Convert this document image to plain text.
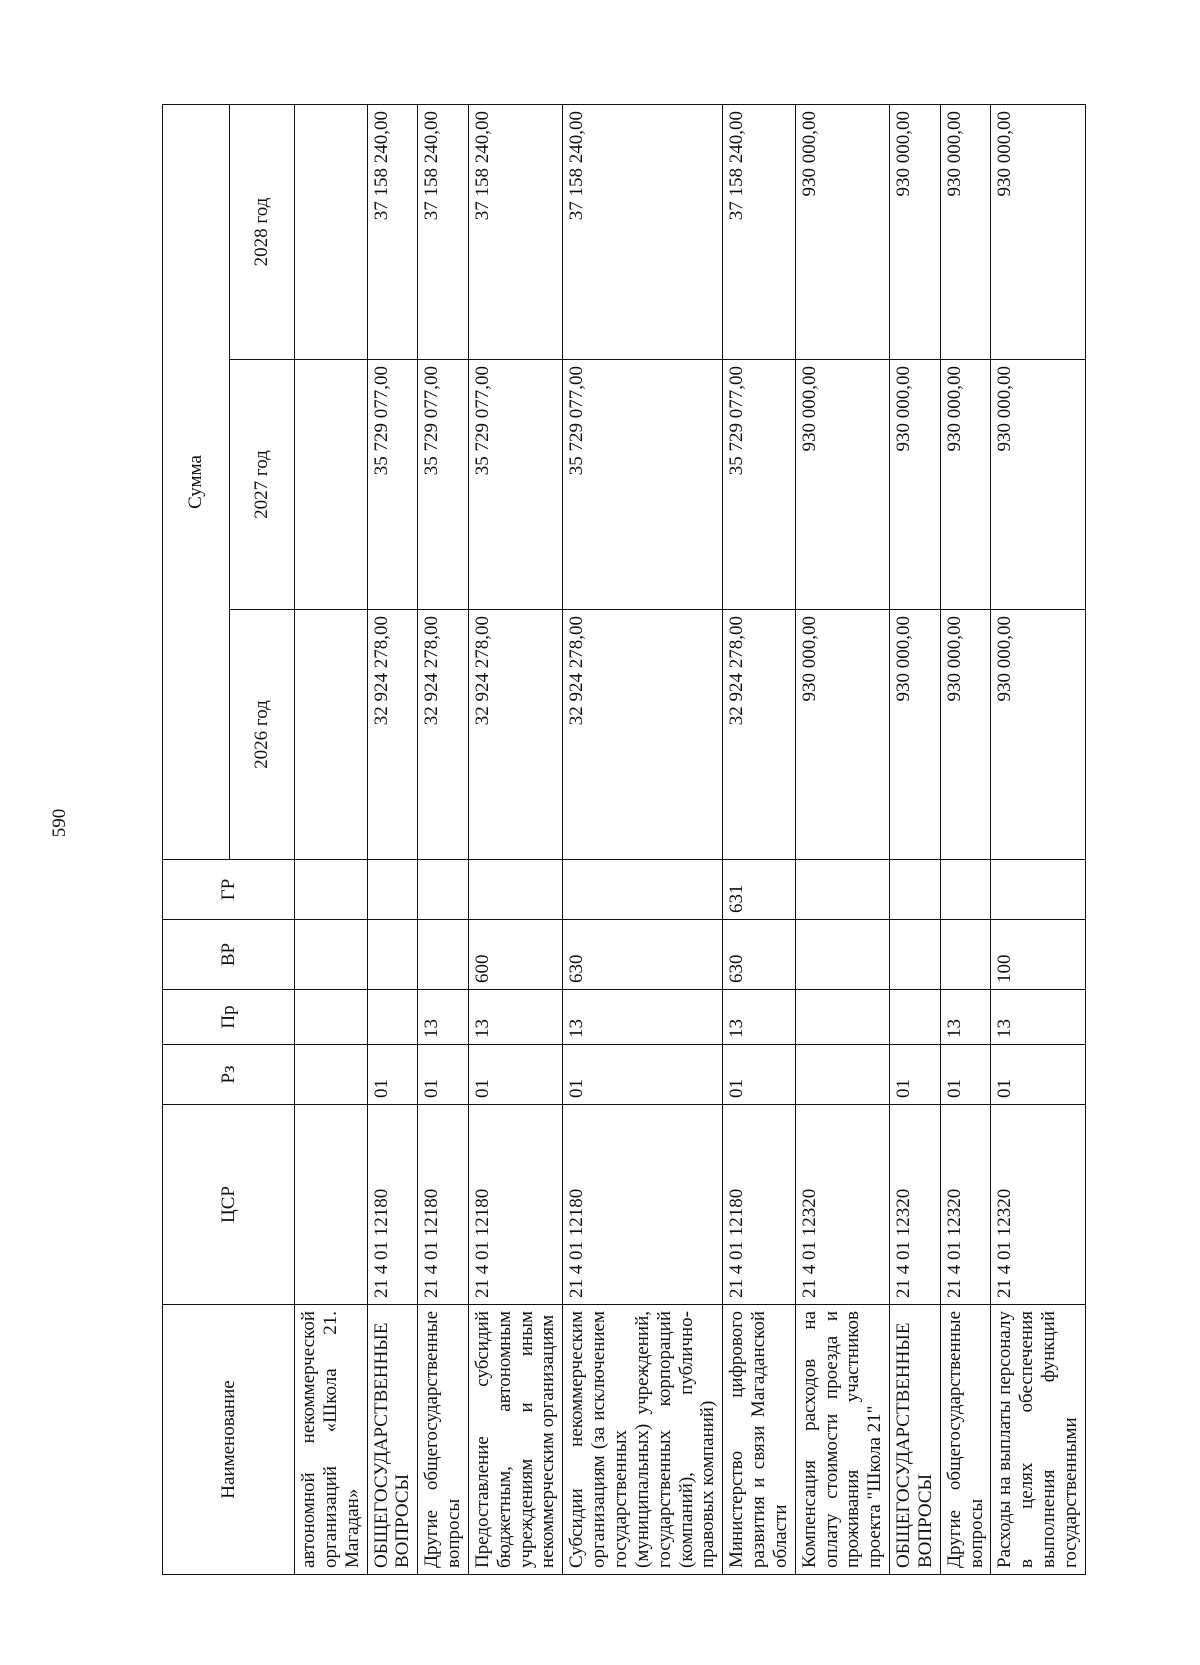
590
Наименование	ЦСР	Рз	Пр	ВР	ГР	Сумма		
						2026 год	2027 год	2028 год
автономной некоммерческой организаций «Школа 21. Магадан»								
ОБЩЕГОСУДАРСТВЕННЫЕ ВОПРОСЫ	21 4 01 12180	01				32 924 278,00	35 729 077,00	37 158 240,00
Другие общегосударственные вопросы	21 4 01 12180	01	13			32 924 278,00	35 729 077,00	37 158 240,00
Предоставление субсидий бюджетным, автономным учреждениям и иным некоммерческим организациям	21 4 01 12180	01	13	600		32 924 278,00	35 729 077,00	37 158 240,00
Субсидии некоммерческим организациям (за исключением государственных (муниципальных) учреждений, государственных корпораций (компаний), публично-правовых компаний)	21 4 01 12180	01	13	630		32 924 278,00	35 729 077,00	37 158 240,00
Министерство цифрового развития и связи Магаданской области	21 4 01 12180	01	13	630	631	32 924 278,00	35 729 077,00	37 158 240,00
Компенсация расходов на оплату стоимости проезда и проживания участников проекта "Школа 21"	21 4 01 12320					930 000,00	930 000,00	930 000,00
ОБЩЕГОСУДАРСТВЕННЫЕ ВОПРОСЫ	21 4 01 12320	01				930 000,00	930 000,00	930 000,00
Другие общегосударственные вопросы	21 4 01 12320	01	13			930 000,00	930 000,00	930 000,00
Расходы на выплаты персоналу в целях обеспечения выполнения функций государственными	21 4 01 12320	01	13	100		930 000,00	930 000,00	930 000,00
